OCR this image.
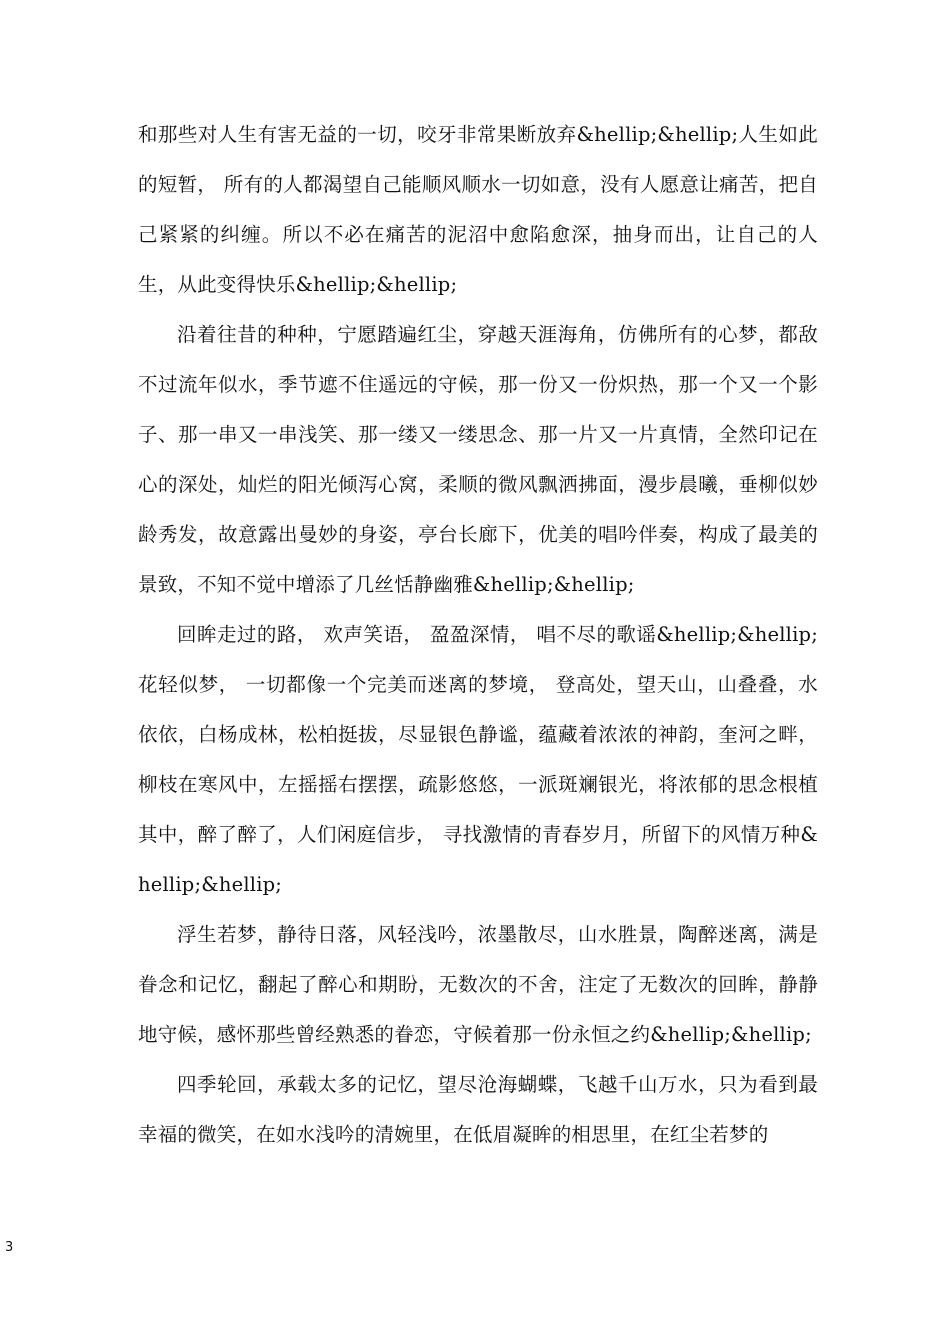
和那些对人生有害无益的一切，咬牙非常果断放弃&hellip;&hellip;人生如此的短暂， 所有的人都渴望自己能顺风顺水一切如意，没有人愿意让痛苦，把自己紧紧的纠缠。所以不必在痛苦的泥沼中愈陷愈深，抽身而出，让自己的人生，从此变得快乐&hellip;&hellip;

沿着往昔的种种，宁愿踏遍红尘，穿越天涯海角，仿佛所有的心梦，都敌不过流年似水，季节遮不住遥远的守候，那一份又一份炽热，那一个又一个影子、那一串又一串浅笑、那一缕又一缕思念、那一片又一片真情，全然印记在心的深处，灿烂的阳光倾泻心窝，柔顺的微风飘洒拂面，漫步晨曦，垂柳似妙龄秀发，故意露出曼妙的身姿，亭台长廊下，优美的唱吟伴奏，构成了最美的景致，不知不觉中增添了几丝恬静幽雅&hellip;&hellip;

回眸走过的路， 欢声笑语， 盈盈深情， 唱不尽的歌谣&hellip;&hellip;花轻似梦， 一切都像一个完美而迷离的梦境， 登高处，望天山，山叠叠，水依依，白杨成林，松柏挺拔，尽显银色静谧，蕴藏着浓浓的神韵，奎河之畔，柳枝在寒风中，左摇摇右摆摆，疏影悠悠，一派斑斓银光，将浓郁的思念根植其中，醉了醉了，人们闲庭信步， 寻找激情的青春岁月，所留下的风情万种&hellip;&hellip;

浮生若梦，静待日落，风轻浅吟，浓墨散尽，山水胜景，陶醉迷离，满是眷念和记忆，翻起了醉心和期盼，无数次的不舍，注定了无数次的回眸，静静地守候，感怀那些曾经熟悉的眷恋，守候着那一份永恒之约&hellip;&hellip;

四季轮回，承载太多的记忆，望尽沧海蝴蝶，飞越千山万水，只为看到最幸福的微笑，在如水浅吟的清婉里，在低眉凝眸的相思里，在红尘若梦的

3
